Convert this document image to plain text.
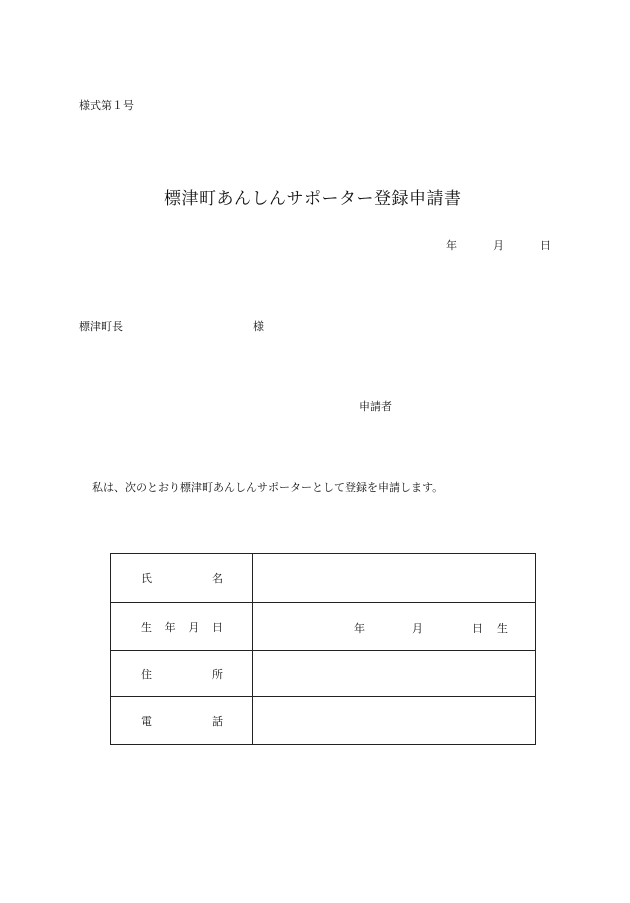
様式第１号
標津町あんしんサポーター登録申請書
年	月	日
標津町長	様
申請者
私は、次のとおり標津町あんしんサポーターとして登録を申請します。
氏 名	

生 年 月 日	年 月 日 生

住 所	

電 話	
